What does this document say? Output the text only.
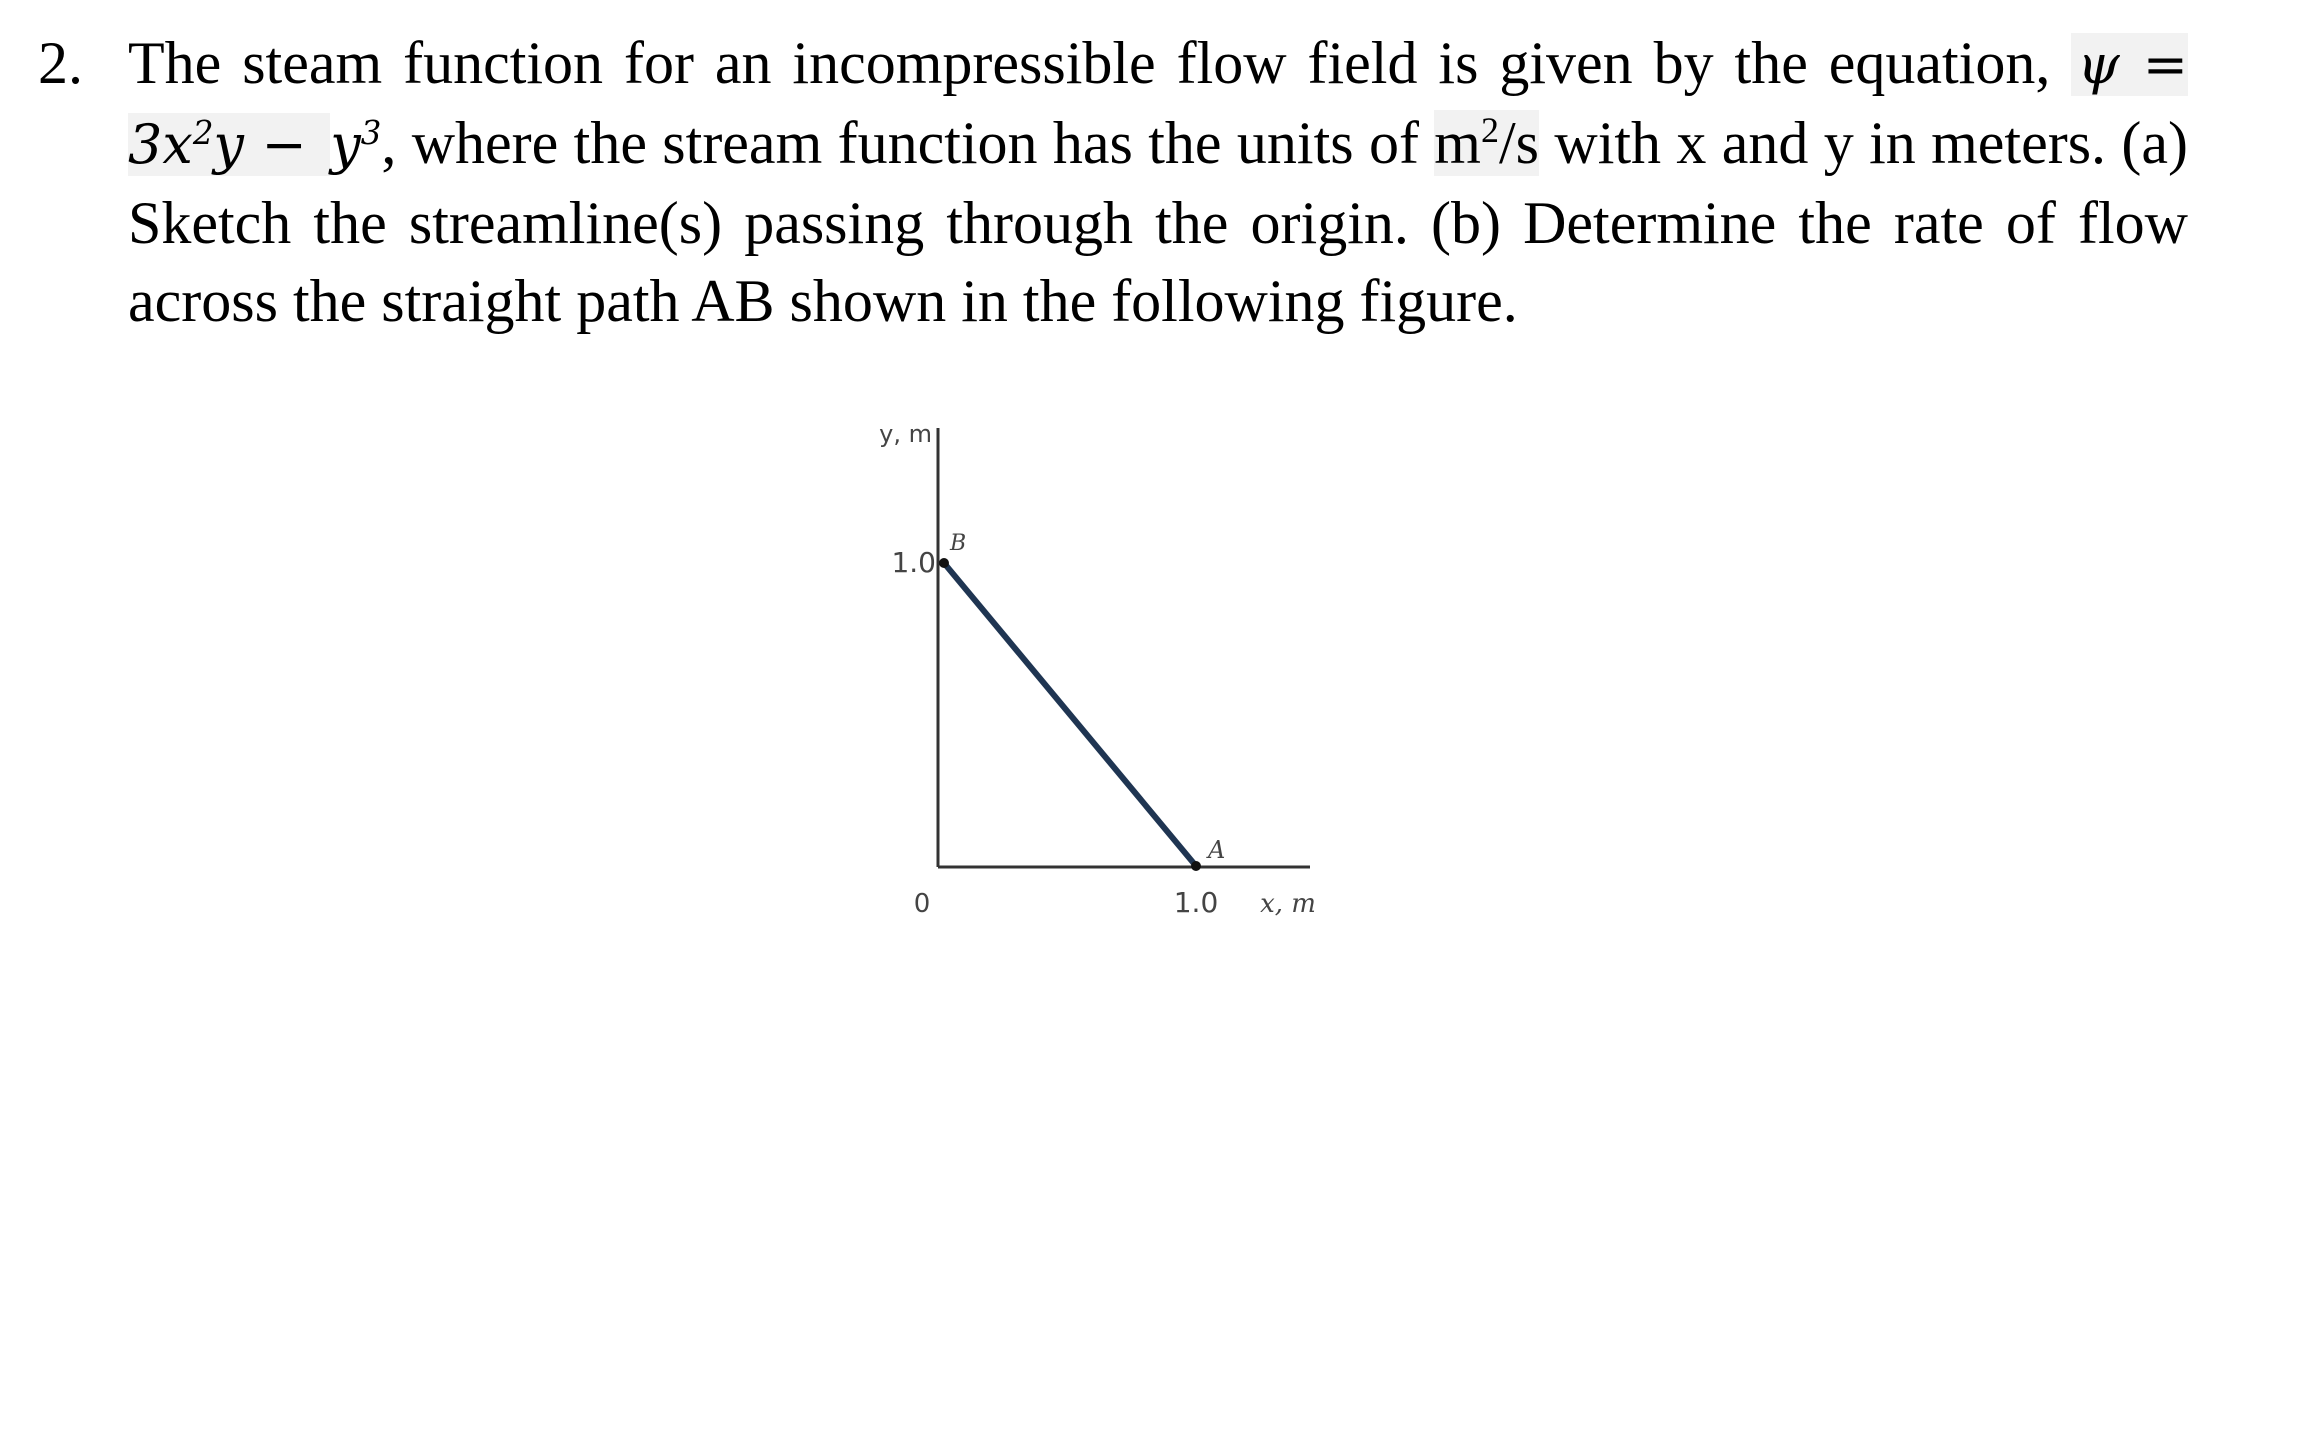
2. The steam function for an incompressible flow field is given by the equation, $\psi = 3x^2y - y^3$, where the stream function has the units of $m^2/s$ with x and y in meters. (a) Sketch the streamline(s) passing through the origin. (b) Determine the rate of flow across the straight path AB shown in the following figure.
y, m
1.0
B
A
0	1.0 x, m
